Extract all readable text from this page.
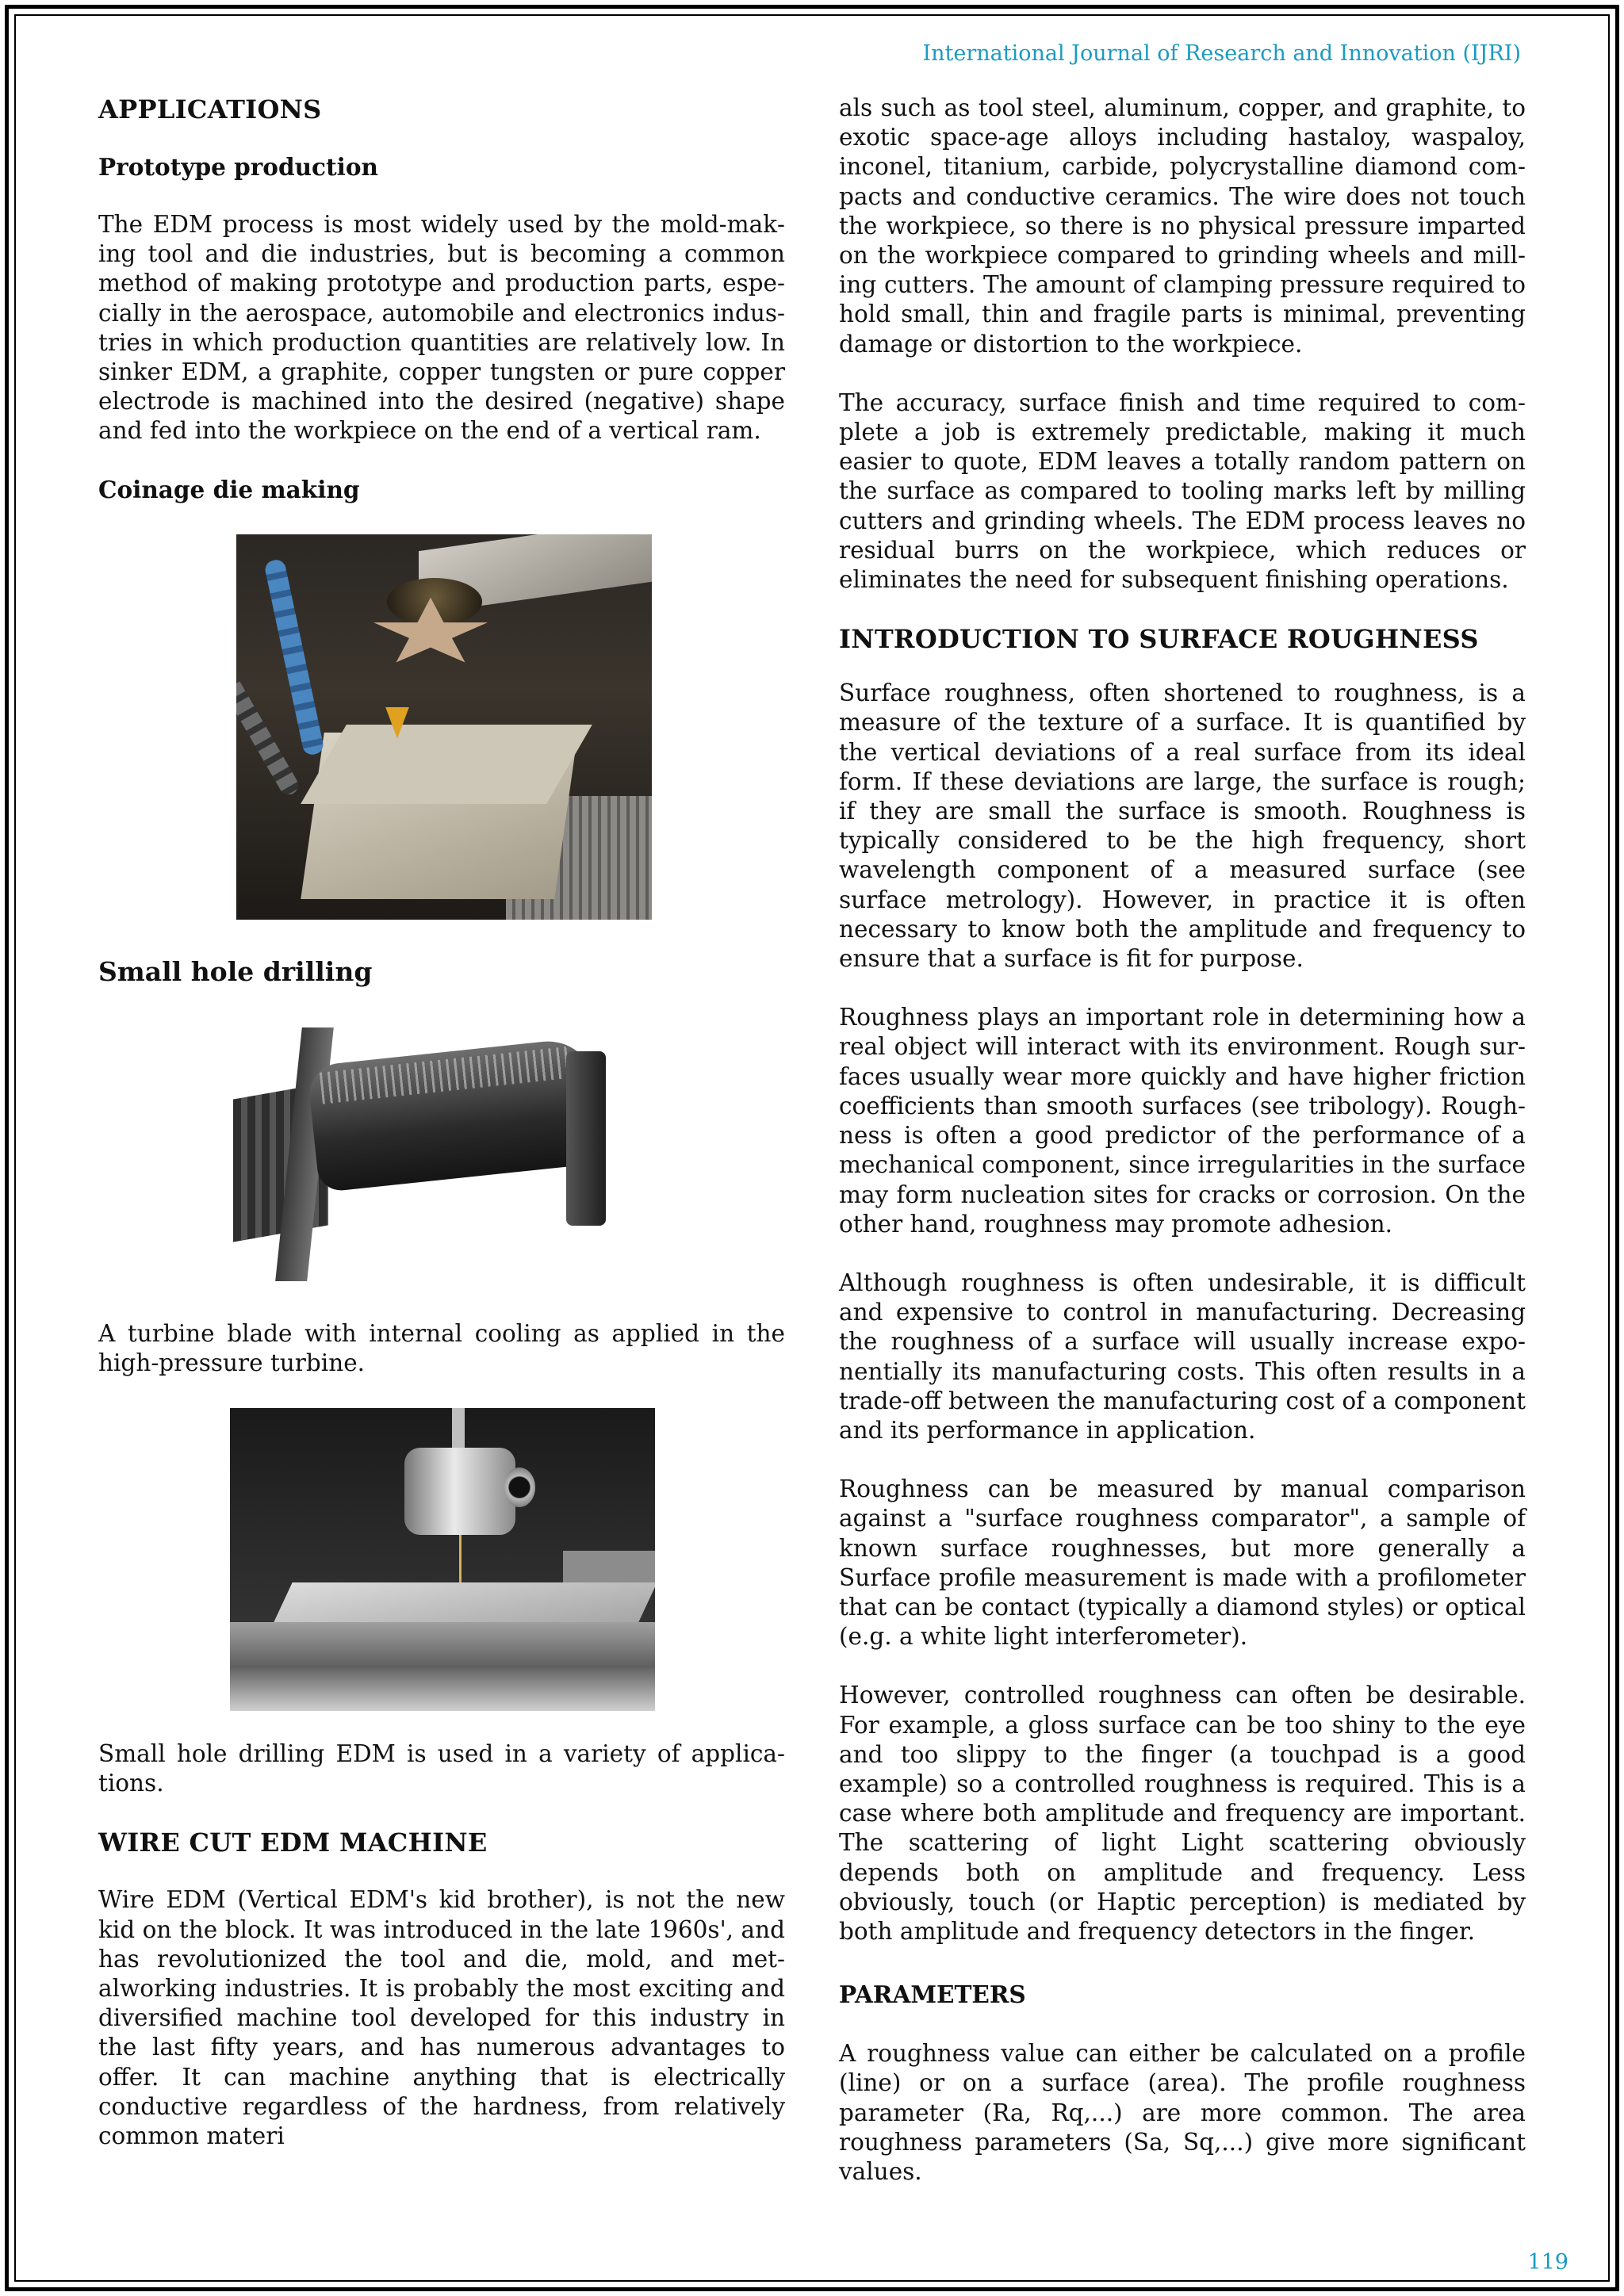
International Journal of Research and Innovation (IJRI)
APPLICATIONS
Prototype production

The EDM process is most widely used by the mold-making tool and die industries, but is becoming a common method of making prototype and production parts, especially in the aerospace, automobile and electronics industries in which production quantities are relatively low. In sinker EDM, a graphite, copper tungsten or pure copper electrode is machined into the desired (negative) shape and fed into the workpiece on the end of a vertical ram.

Coinage die making
Small hole drilling

A turbine blade with internal cooling as applied in the high-pressure turbine.

Small hole drilling EDM is used in a variety of applications.

WIRE CUT EDM MACHINE

Wire EDM (Vertical EDM's kid brother), is not the new kid on the block. It was introduced in the late 1960s', and has revolutionized the tool and die, mold, and metalworking industries. It is probably the most exciting and diversified machine tool developed for this industry in the last fifty years, and has numerous advantages to offer. It can machine anything that is electrically conductive regardless of the hardness, from relatively common materi

als such as tool steel, aluminum, copper, and graphite, to exotic space-age alloys including hastaloy, waspaloy, inconel, titanium, carbide, polycrystalline diamond compacts and conductive ceramics. The wire does not touch the workpiece, so there is no physical pressure imparted on the workpiece compared to grinding wheels and milling cutters. The amount of clamping pressure required to hold small, thin and fragile parts is minimal, preventing damage or distortion to the workpiece.

The accuracy, surface finish and time required to complete a job is extremely predictable, making it much easier to quote, EDM leaves a totally random pattern on the surface as compared to tooling marks left by milling cutters and grinding wheels. The EDM process leaves no residual burrs on the workpiece, which reduces or eliminates the need for subsequent finishing operations.

INTRODUCTION TO SURFACE ROUGHNESS

Surface roughness, often shortened to roughness, is a measure of the texture of a surface. It is quantified by the vertical deviations of a real surface from its ideal form. If these deviations are large, the surface is rough; if they are small the surface is smooth. Roughness is typically considered to be the high frequency, short wavelength component of a measured surface (see surface metrology). However, in practice it is often necessary to know both the amplitude and frequency to ensure that a surface is fit for purpose.

Roughness plays an important role in determining how a real object will interact with its environment. Rough surfaces usually wear more quickly and have higher friction coefficients than smooth surfaces (see tribology). Roughness is often a good predictor of the performance of a mechanical component, since irregularities in the surface may form nucleation sites for cracks or corrosion. On the other hand, roughness may promote adhesion.

Although roughness is often undesirable, it is difficult and expensive to control in manufacturing. Decreasing the roughness of a surface will usually increase exponentially its manufacturing costs. This often results in a trade-off between the manufacturing cost of a component and its performance in application.

Roughness can be measured by manual comparison against a "surface roughness comparator", a sample of known surface roughnesses, but more generally a Surface profile measurement is made with a profilometer that can be contact (typically a diamond styles) or optical (e.g. a white light interferometer).

However, controlled roughness can often be desirable. For example, a gloss surface can be too shiny to the eye and too slippy to the finger (a touchpad is a good example) so a controlled roughness is required. This is a case where both amplitude and frequency are important. The scattering of light Light scattering obviously depends both on amplitude and frequency. Less obviously, touch (or Haptic perception) is mediated by both amplitude and frequency detectors in the finger.

PARAMETERS

A roughness value can either be calculated on a profile (line) or on a surface (area). The profile roughness parameter (Ra, Rq,...) are more common. The area roughness parameters (Sa, Sq,...) give more significant values.

119
